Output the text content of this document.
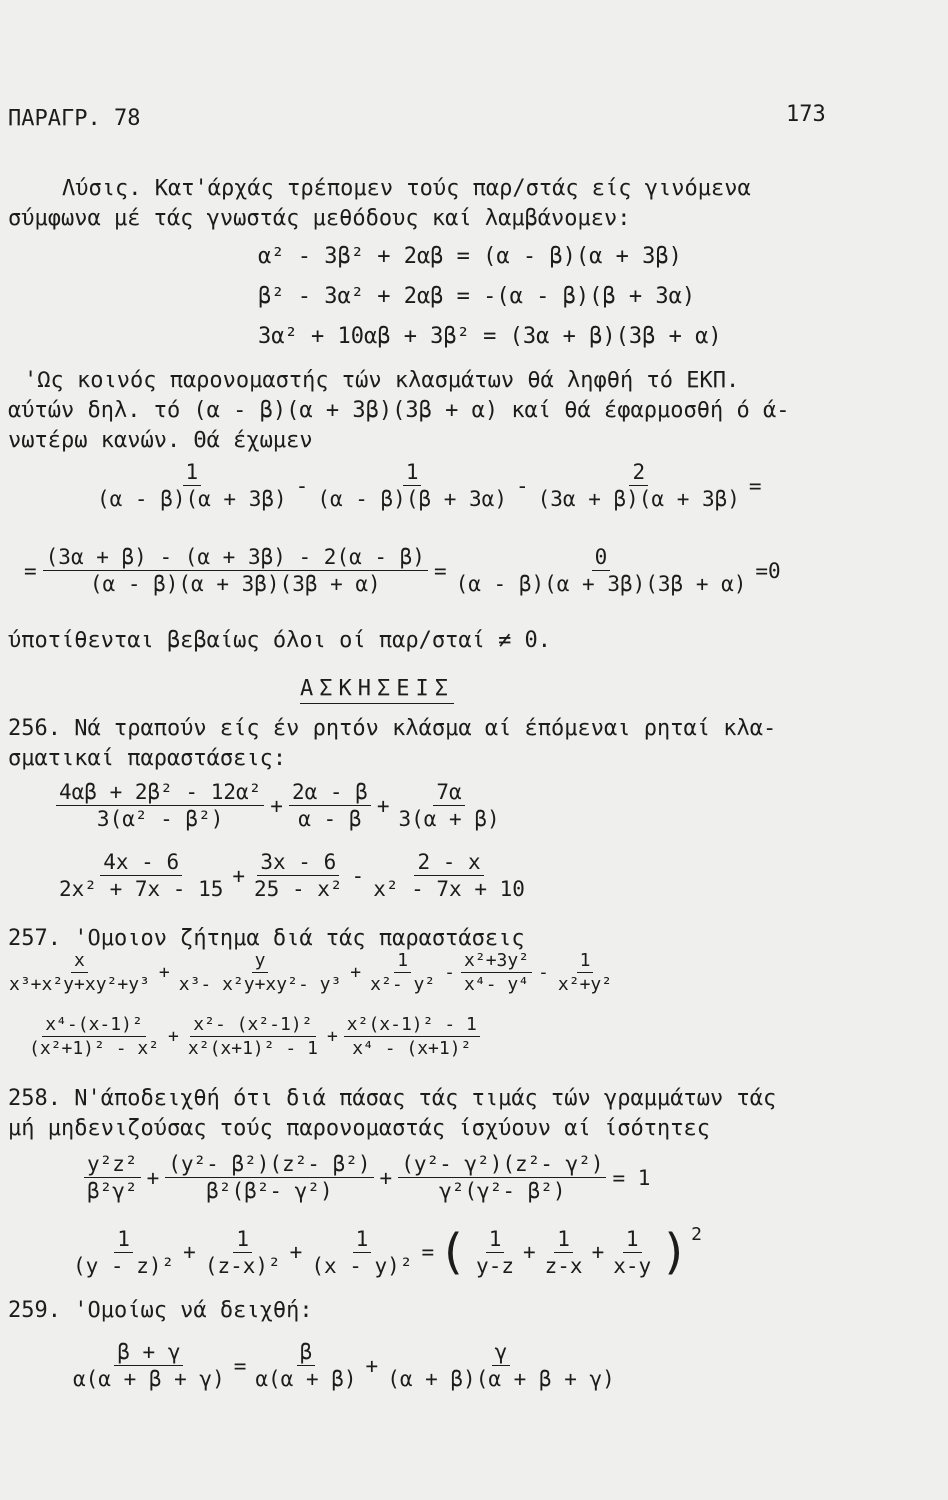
ΠΑΡΑΓΡ. 78	173
Λύσις. Κατ'άρχάς τρέπομεν τούς παρ/στάς είς γινόμενα
σύμφωνα μέ τάς γνωστάς μεθόδους καί λαμβάνομεν:
α² - 3β² + 2αβ = (α - β)(α + 3β)
β² - 3α² + 2αβ = -(α - β)(β + 3α)
3α² + 10αβ + 3β² = (3α + β)(3β + α)
'Ως κοινός παρονομαστής τών κλασμάτων θά ληφθή τό ΕΚΠ.
αύτών δηλ. τό (α - β)(α + 3β)(3β + α) καί θά έφαρμοσθή ό ά-
νωτέρω κανών. Θά έχωμεν
$\frac{1}{(\alpha - \beta)(\alpha + 3\beta)} - \frac{1}{(\alpha - \beta)(\beta + 3\alpha)} - \frac{2}{(3\alpha + \beta)(\alpha + 3\beta)}$ =
= $\frac{(3\alpha + \beta) - (\alpha + 3\beta) - 2(\alpha - \beta)}{(\alpha - \beta)(\alpha + 3\beta)(3\beta + \alpha)} = \frac{0}{(\alpha - \beta)(\alpha + 3\beta)(3\beta + \alpha)} =0$
ύποτίθενται βεβαίως όλοι οί παρ/σταί ≠ 0.
ΑΣΚΗΣΕΙΣ
256. Νά τραπούν είς έν ρητόν κλάσμα αί έπόμεναι ρηταί κλα-
σματικαί παραστάσεις:
$\frac{\text{4αβ + 2β² - 12α²}}{\text{3(α² - β²)}} + \frac{2\alpha - \beta}{\alpha - \beta} + \frac{7\alpha}{3(\alpha + \beta)}$
$\frac{4x - 6}{\text{2x² + 7x - 15}} + \frac{3x - 6}{\text{25 - x²}} - \frac{2 - x}{\text{x² - 7x + 10}}$
257. 'Ομοιον ζήτημα διά τάς παραστάσεις
$\frac{x}{\text{x³+x²y+xy²+y³}} + \frac{y}{\text{x³- x²y+xy²- y³}} + \frac{1}{\text{x²- y²}} - \frac{\text{x²+3y²}}{\text{x⁴- y⁴}} - \frac{1}{\text{x²+y²}}$
$\frac{\text{x⁴-(x-1)²}}{\text{(x²+1)² - x²}} + \frac{\text{x²- (x²-1)²}}{\text{x²(x+1)² - 1}} + \frac{\text{x²(x-1)² - 1}}{\text{x⁴ - (x+1)²}}$
258. Ν'άποδειχθή ότι διά πάσας τάς τιμάς τών γραμμάτων τάς
μή μηδενιζούσας τούς παρονομαστάς ίσχύουν αί ίσότητες
$\frac{\text{y²z²}}{\text{β²γ²}} + \frac{\text{(y²- β²)(z²- β²)}}{\text{β²(β²- γ²)}} + \frac{\text{(y²- γ²)(z²- γ²)}}{\text{γ²(γ²- β²)}} = 1$
$\frac{1}{\text{(y - z)²}} + \frac{1}{\text{(z-x)²}} + \frac{1}{\text{(x - y)²}}$ =( $\frac{1}{y-z} + \frac{1}{z-x} + \frac{1}{x-y}$ ) $^2$
259. 'Ομοίως νά δειχθή:
$\frac{\beta + \gamma}{\alpha(\alpha + \beta + \gamma)} = \frac{\beta}{\alpha(\alpha + \beta)} + \frac{\gamma}{(\alpha + \beta)(\alpha + \beta + \gamma)}$
